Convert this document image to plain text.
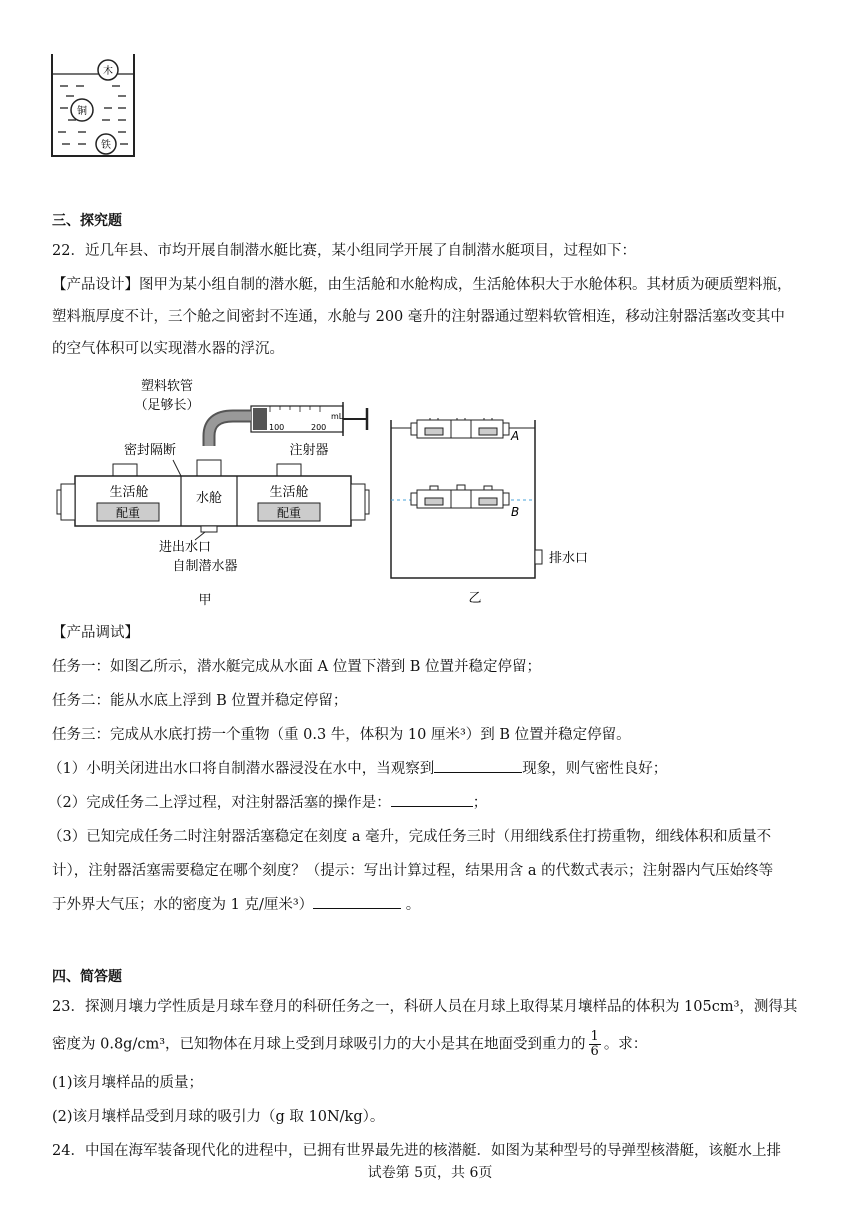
木
铜
铁
三、探究题
22．近几年县、市均开展自制潜水艇比赛，某小组同学开展了自制潜水艇项目，过程如下：
【产品设计】图甲为某小组自制的潜水艇，由生活舱和水舱构成，生活舱体积大于水舱体积。其材质为硬质塑料瓶，
塑料瓶厚度不计，三个舱之间密封不连通，水舱与 200 毫升的注射器通过塑料软管相连，移动注射器活塞改变其中
的空气体积可以实现潜水器的浮沉。
塑料软管
（足够长）
mL
100	200
密封隔断	注射器
生活舱	水舱	生活舱
配重	配重
进出水口
自制潜水器
甲
A
B
排水口
乙
【产品调试】
任务一：如图乙所示，潜水艇完成从水面 A 位置下潜到 B 位置并稳定停留；
任务二：能从水底上浮到 B 位置并稳定停留；
任务三：完成从水底打捞一个重物（重 0.3 牛，体积为 10 厘米³）到 B 位置并稳定停留。
（1）小明关闭进出水口将自制潜水器浸没在水中，当观察到	现象，则气密性良好；
（2）完成任务二上浮过程，对注射器活塞的操作是：	；
（3）已知完成任务二时注射器活塞稳定在刻度 a 毫升，完成任务三时（用细线系住打捞重物，细线体积和质量不
计），注射器活塞需要稳定在哪个刻度？（提示：写出计算过程，结果用含 a 的代数式表示；注射器内气压始终等
于外界大气压；水的密度为 1 克/厘米³）	。
四、简答题
23．探测月壤力学性质是月球车登月的科研任务之一，科研人员在月球上取得某月壤样品的体积为 105cm³，测得其
密度为 0.8g/cm³，已知物体在月球上受到月球吸引力的大小是其在地面受到重力的 $\frac{1}{6}$ 。求：
(1)该月壤样品的质量；
(2)该月壤样品受到月球的吸引力（g 取 10N/kg）。
24．中国在海军装备现代化的进程中，已拥有世界最先进的核潜艇．如图为某种型号的导弹型核潜艇，该艇水上排
试卷第 5页，共 6页
